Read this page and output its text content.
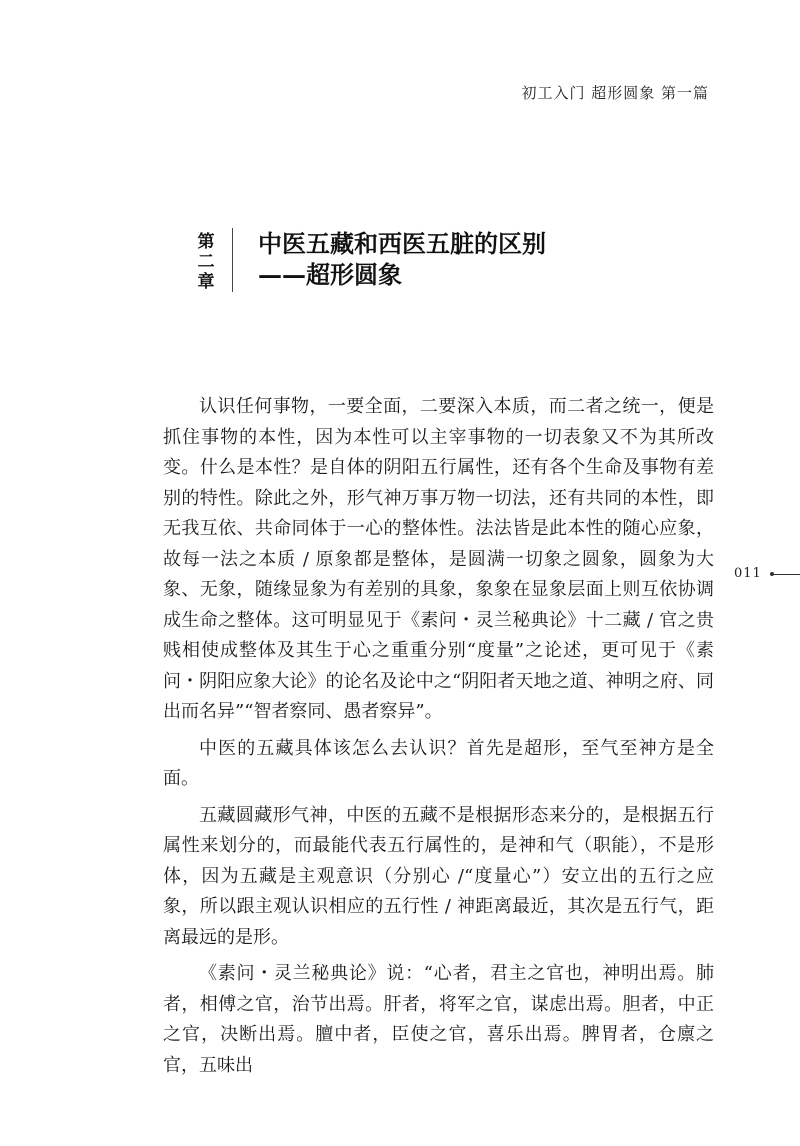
初工入门 超形圆象 第一篇
第
二
章
中医五藏和西医五脏的区别
——超形圆象

认识任何事物，一要全面，二要深入本质，而二者之统一，便是抓住事物的本性，因为本性可以主宰事物的一切表象又不为其所改变。什么是本性？是自体的阴阳五行属性，还有各个生命及事物有差别的特性。除此之外，形气神万事万物一切法，还有共同的本性，即无我互依、共命同体于一心的整体性。法法皆是此本性的随心应象，故每一法之本质 / 原象都是整体，是圆满一切象之圆象，圆象为大象、无象，随缘显象为有差别的具象，象象在显象层面上则互依协调成生命之整体。这可明显见于《素问・灵兰秘典论》十二藏 / 官之贵贱相使成整体及其生于心之重重分别“度量”之论述，更可见于《素问・阴阳应象大论》的论名及论中之“阴阳者天地之道、神明之府、同出而名异”“智者察同、愚者察异”。

中医的五藏具体该怎么去认识？首先是超形，至气至神方是全面。

五藏圆藏形气神，中医的五藏不是根据形态来分的，是根据五行属性来划分的，而最能代表五行属性的，是神和气（职能），不是形体，因为五藏是主观意识（分别心 /“度量心”）安立出的五行之应象，所以跟主观认识相应的五行性 / 神距离最近，其次是五行气，距离最远的是形。

《素问・灵兰秘典论》说：“心者，君主之官也，神明出焉。肺者，相傅之官，治节出焉。肝者，将军之官，谋虑出焉。胆者，中正之官，决断出焉。膻中者，臣使之官，喜乐出焉。脾胃者，仓廪之官，五味出

011
